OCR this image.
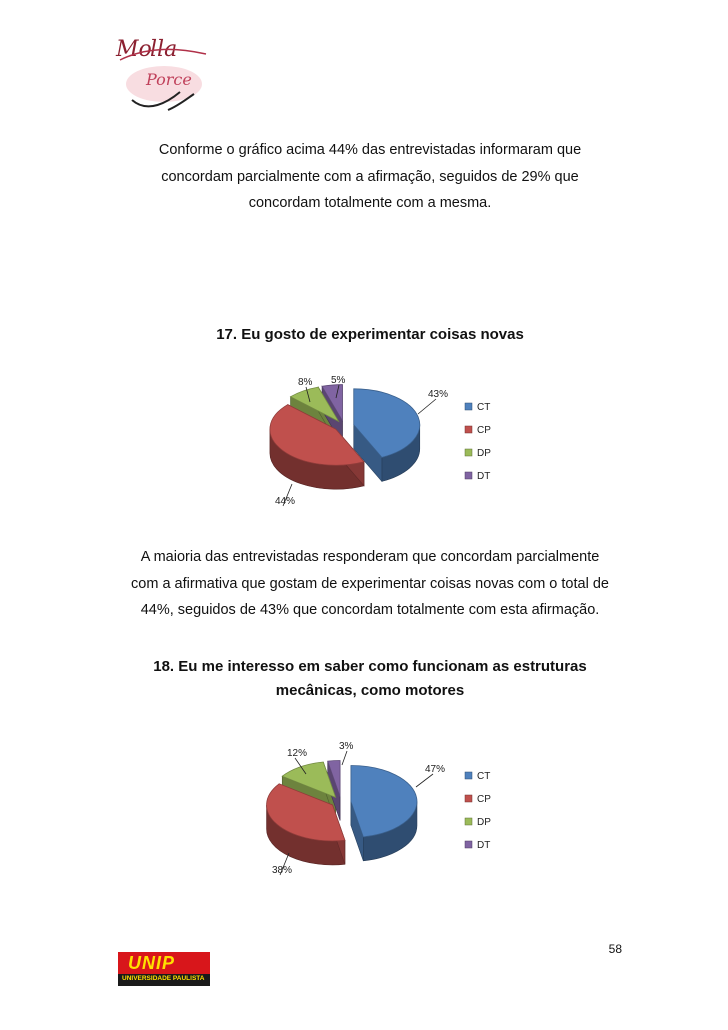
Mo
lla
Porce
Conforme o gráfico acima 44% das entrevistadas informaram que
concordam parcialmente com a afirmação, seguidos de 29% que
concordam totalmente com a mesma.
17. Eu gosto de experimentar coisas novas
43%
44%
8% 5%
CT
CP
DP
DT
A maioria das entrevistadas responderam que concordam parcialmente
com a afirmativa que gostam de experimentar coisas novas com o total de
44%, seguidos de 43% que concordam totalmente com esta afirmação.
18. Eu me interesso em saber como funcionam as estruturas
mecânicas, como motores
47%
38%
12%
3%
CT
CP
DP
DT
58
UNIP
UNIVERSIDADE PAULISTA
